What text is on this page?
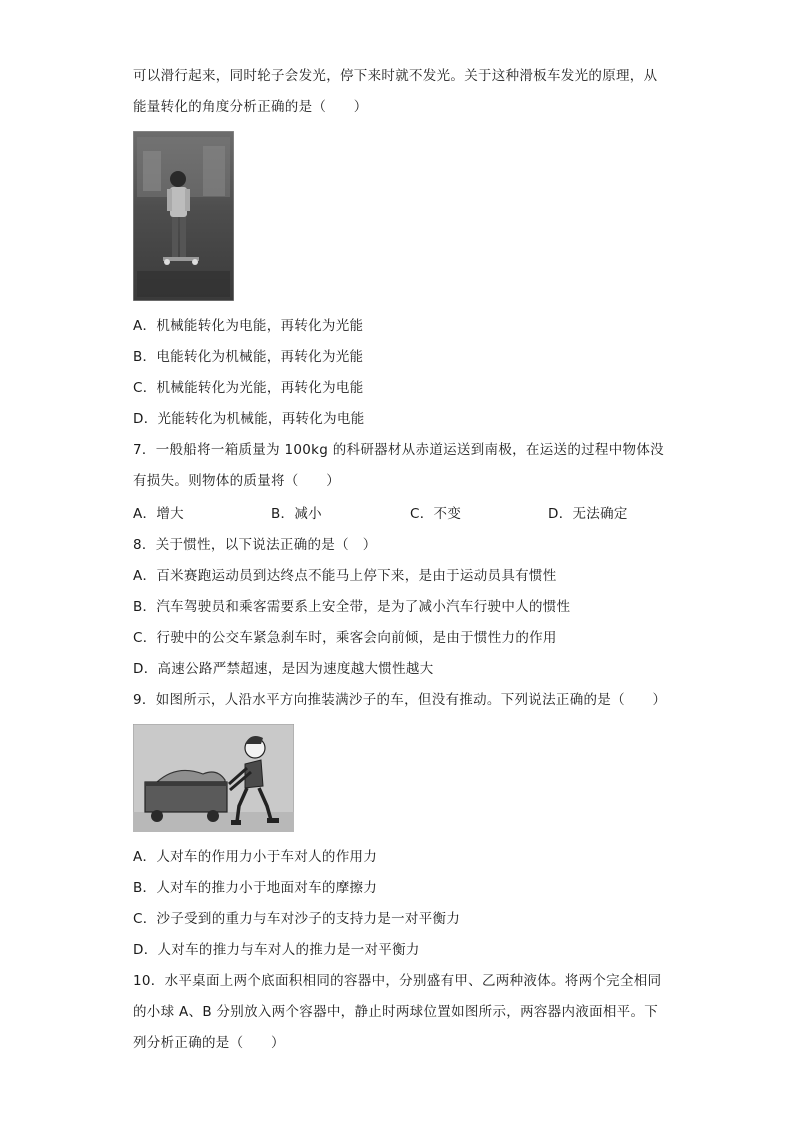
可以滑行起来，同时轮子会发光，停下来时就不发光。关于这种滑板车发光的原理，从
能量转化的角度分析正确的是（　　）
A．机械能转化为电能，再转化为光能
B．电能转化为机械能，再转化为光能
C．机械能转化为光能，再转化为电能
D．光能转化为机械能，再转化为电能
7．一般船将一箱质量为 100kg 的科研器材从赤道运送到南极，在运送的过程中物体没
有损失。则物体的质量将（　　）
A．增大	B．减小	C．不变	D．无法确定
8．关于惯性，以下说法正确的是（　）
A．百米赛跑运动员到达终点不能马上停下来，是由于运动员具有惯性
B．汽车驾驶员和乘客需要系上安全带，是为了减小汽车行驶中人的惯性
C．行驶中的公交车紧急刹车时，乘客会向前倾，是由于惯性力的作用
D．高速公路严禁超速，是因为速度越大惯性越大
9．如图所示，人沿水平方向推装满沙子的车，但没有推动。下列说法正确的是（　　）
A．人对车的作用力小于车对人的作用力
B．人对车的推力小于地面对车的摩擦力
C．沙子受到的重力与车对沙子的支持力是一对平衡力
D．人对车的推力与车对人的推力是一对平衡力
10．水平桌面上两个底面积相同的容器中，分别盛有甲、乙两种液体。将两个完全相同
的小球 A、B 分别放入两个容器中，静止时两球位置如图所示，两容器内液面相平。下
列分析正确的是（　　）
